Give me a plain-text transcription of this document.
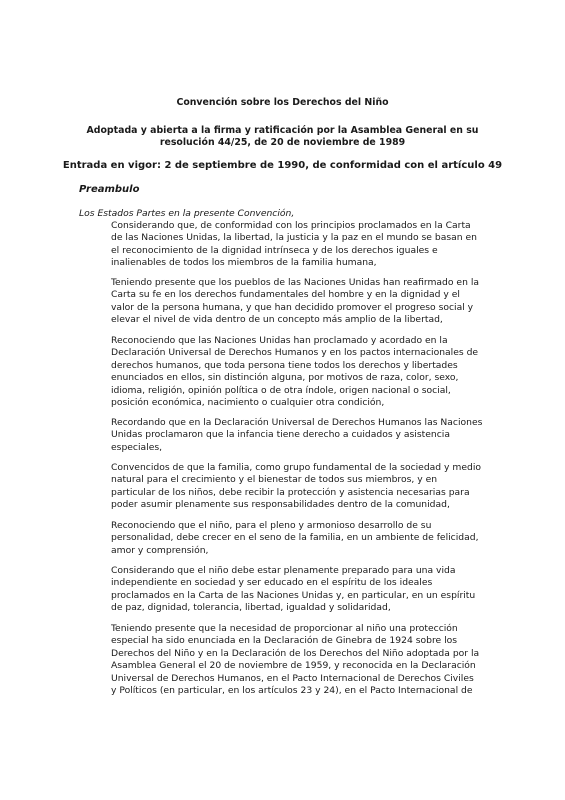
Convención sobre los Derechos del Niño

Adoptada y abierta a la firma y ratificación por la Asamblea General en su
resolución 44/25, de 20 de noviembre de 1989

Entrada en vigor: 2 de septiembre de 1990, de conformidad con el artículo 49

Preambulo

Los Estados Partes en la presente Convención,

Considerando que, de conformidad con los principios proclamados en la Carta
de las Naciones Unidas, la libertad, la justicia y la paz en el mundo se basan en
el reconocimiento de la dignidad intrínseca y de los derechos iguales e
inalienables de todos los miembros de la familia humana,

Teniendo presente que los pueblos de las Naciones Unidas han reafirmado en la
Carta su fe en los derechos fundamentales del hombre y en la dignidad y el
valor de la persona humana, y que han decidido promover el progreso social y
elevar el nivel de vida dentro de un concepto más amplio de la libertad,

Reconociendo que las Naciones Unidas han proclamado y acordado en la
Declaración Universal de Derechos Humanos y en los pactos internacionales de
derechos humanos, que toda persona tiene todos los derechos y libertades
enunciados en ellos, sin distinción alguna, por motivos de raza, color, sexo,
idioma, religión, opinión política o de otra índole, origen nacional o social,
posición económica, nacimiento o cualquier otra condición,

Recordando que en la Declaración Universal de Derechos Humanos las Naciones
Unidas proclamaron que la infancia tiene derecho a cuidados y asistencia
especiales,

Convencidos de que la familia, como grupo fundamental de la sociedad y medio
natural para el crecimiento y el bienestar de todos sus miembros, y en
particular de los niños, debe recibir la protección y asistencia necesarias para
poder asumir plenamente sus responsabilidades dentro de la comunidad,

Reconociendo que el niño, para el pleno y armonioso desarrollo de su
personalidad, debe crecer en el seno de la familia, en un ambiente de felicidad,
amor y comprensión,

Considerando que el niño debe estar plenamente preparado para una vida
independiente en sociedad y ser educado en el espíritu de los ideales
proclamados en la Carta de las Naciones Unidas y, en particular, en un espíritu
de paz, dignidad, tolerancia, libertad, igualdad y solidaridad,

Teniendo presente que la necesidad de proporcionar al niño una protección
especial ha sido enunciada en la Declaración de Ginebra de 1924 sobre los
Derechos del Niño y en la Declaración de los Derechos del Niño adoptada por la
Asamblea General el 20 de noviembre de 1959, y reconocida en la Declaración
Universal de Derechos Humanos, en el Pacto Internacional de Derechos Civiles
y Políticos (en particular, en los artículos 23 y 24), en el Pacto Internacional de
